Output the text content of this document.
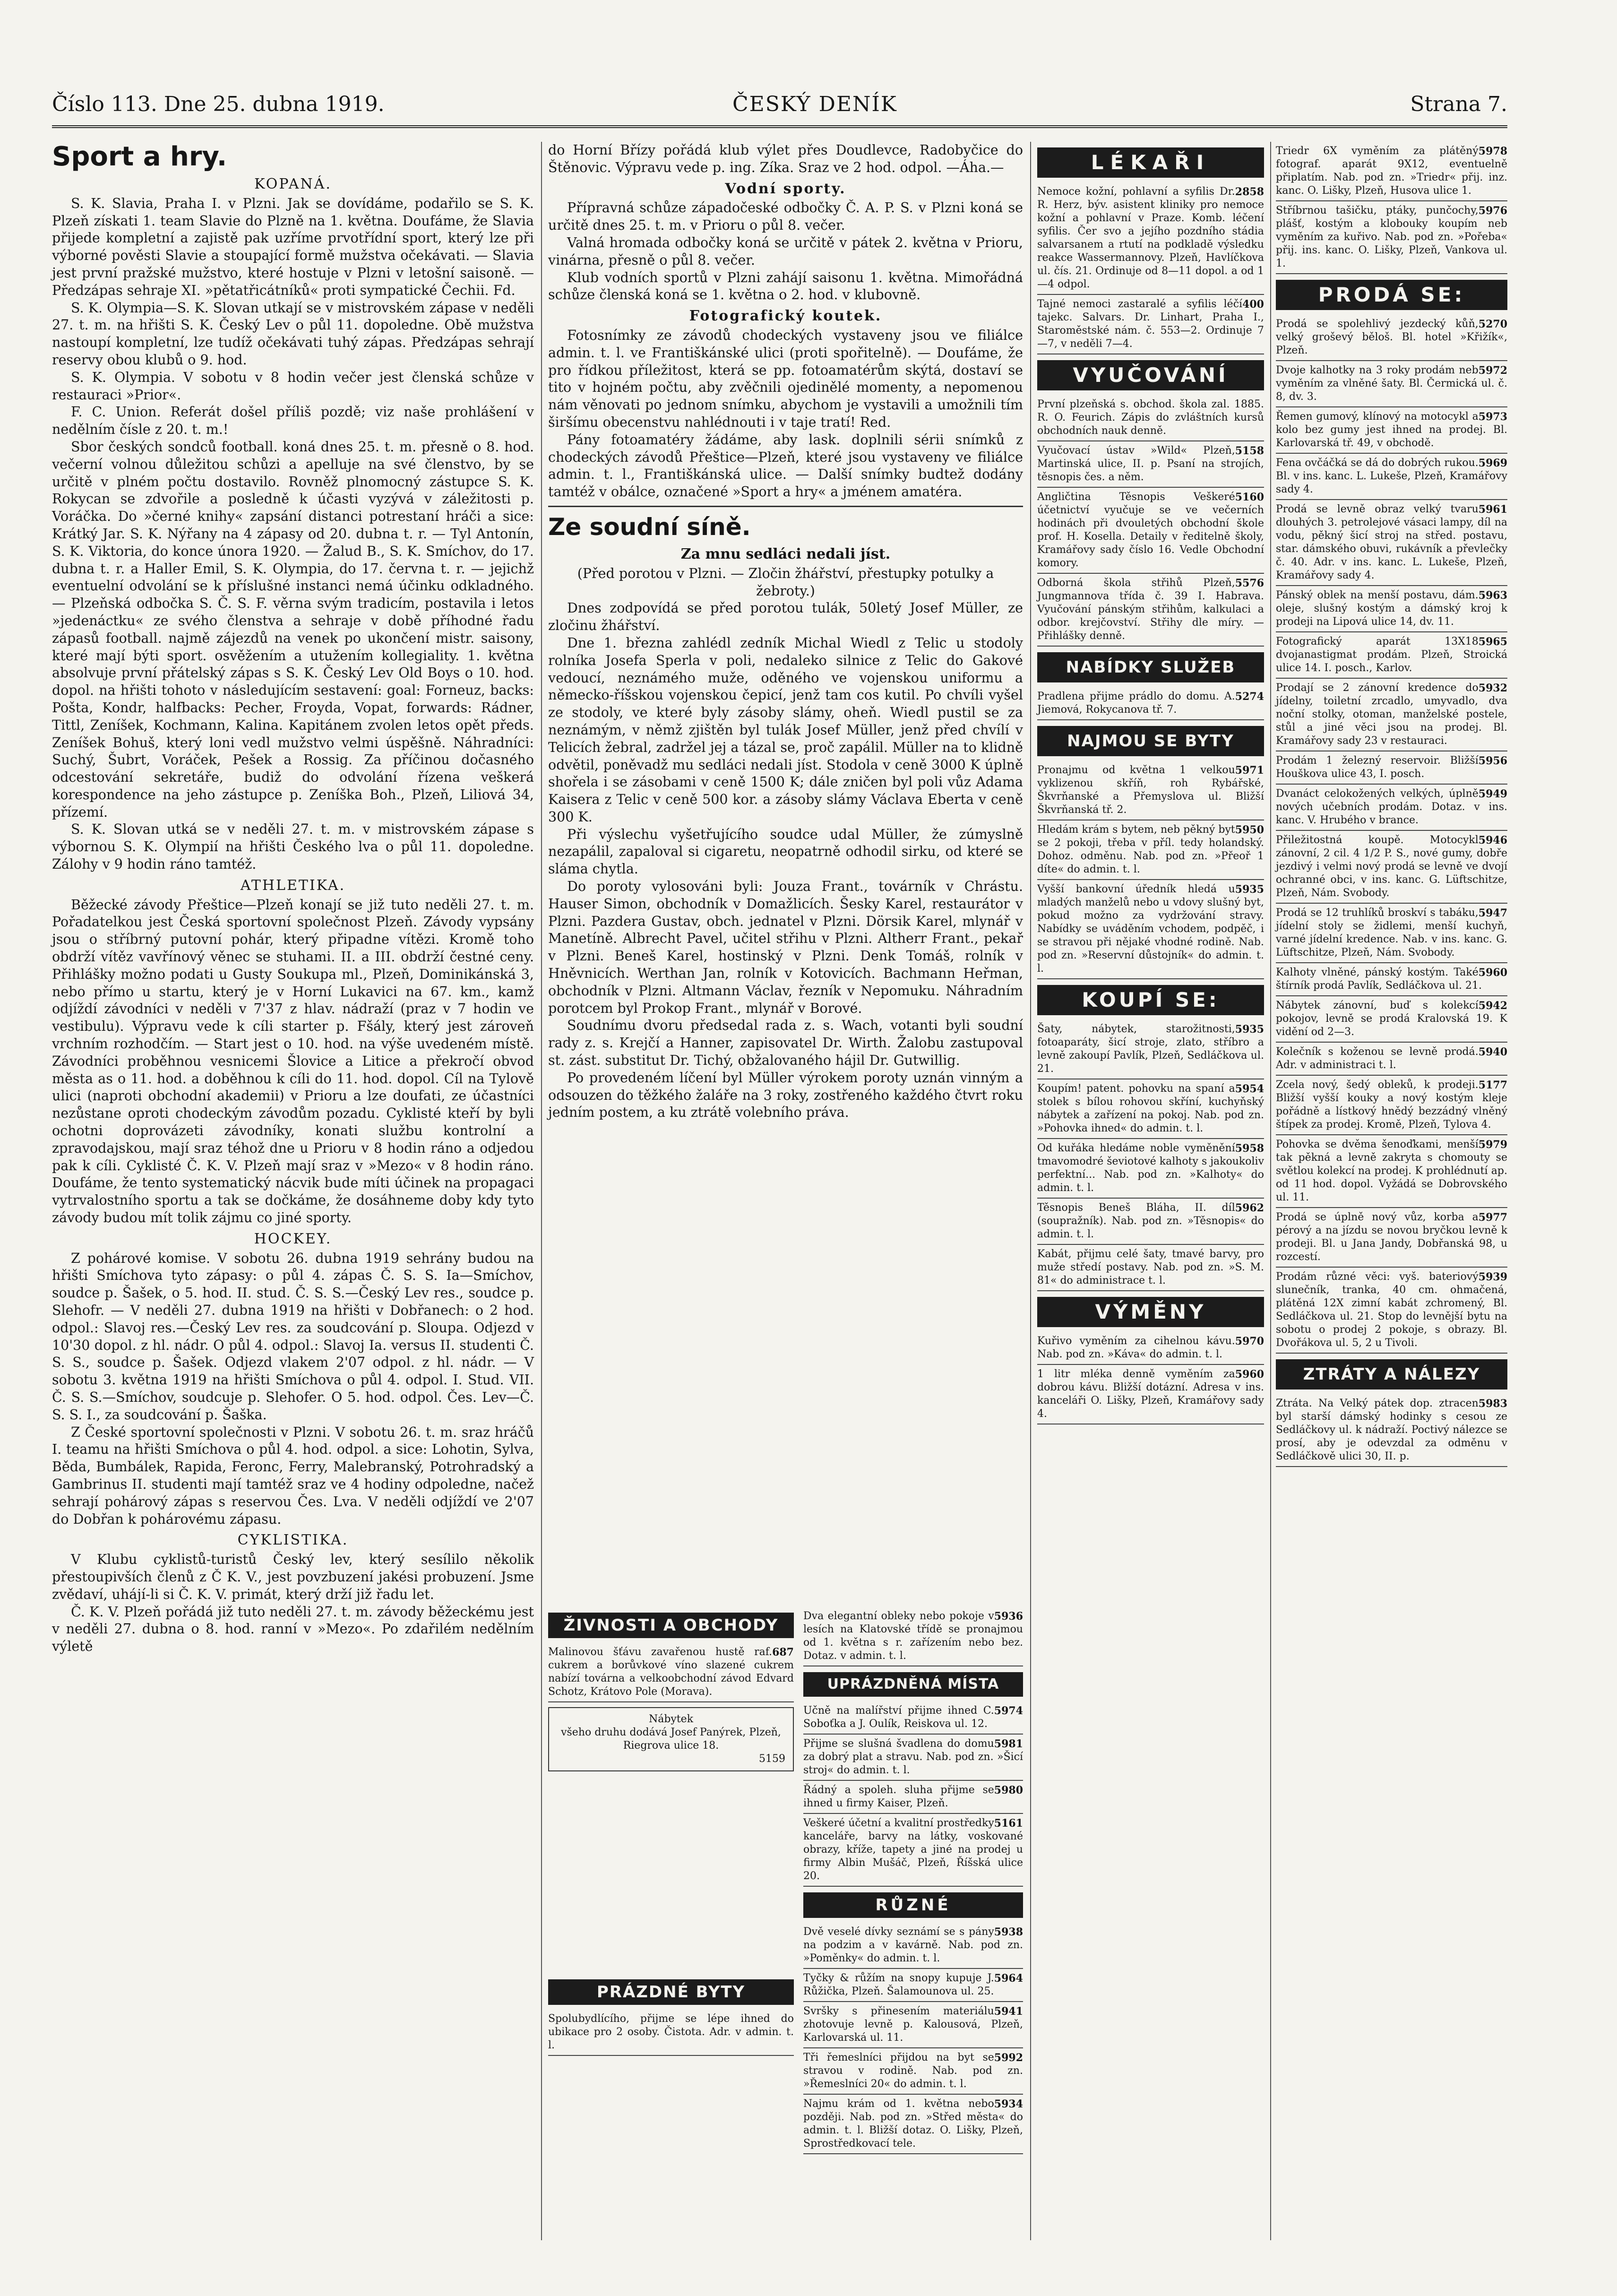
Číslo 113. Dne 25. dubna 1919.	ČESKÝ DENÍK	Strana 7.
Sport a hry.
KOPANÁ.

S. K. Slavia, Praha I. v Plzni. Jak se dovídáme, podařilo se S. K. Plzeň získati 1. team Slavie do Plzně na 1. května. Doufáme, že Slavia přijede kompletní a zajistě pak uzříme prvotřídní sport, který lze při výborné pověsti Slavie a stoupající formě mužstva očekávati. — Slavia jest první pražské mužstvo, které hostuje v Plzni v letošní saisoně. — Předzápas sehraje XI. »pětatřicátníků« proti sympatické Čechii. Fd.

S. K. Olympia—S. K. Slovan utkají se v mistrovském zápase v neděli 27. t. m. na hřišti S. K. Český Lev o půl 11. dopoledne. Obě mužstva nastoupí kompletní, lze tudíž očekávati tuhý zápas. Předzápas sehrají reservy obou klubů o 9. hod.

S. K. Olympia. V sobotu v 8 hodin večer jest členská schůze v restauraci »Prior«.

F. C. Union. Referát došel příliš pozdě; viz naše prohlášení v nedělním čísle z 20. t. m.!

Sbor českých sondců football. koná dnes 25. t. m. přesně o 8. hod. večerní volnou důležitou schůzi a apelluje na své členstvo, by se určitě v plném počtu dostavilo. Rovněž plnomocný zástupce S. K. Rokycan se zdvořile a posledně k účasti vyzývá v záležitosti p. Voráčka. Do »černé knihy« zapsání distanci potrestaní hráči a sice: Krátký Jar. S. K. Nýřany na 4 zápasy od 20. dubna t. r. — Tyl Antonín, S. K. Viktoria, do konce února 1920. — Žalud B., S. K. Smíchov, do 17. dubna t. r. a Haller Emil, S. K. Olympia, do 17. června t. r. — jejichž eventuelní odvolání se k příslušné instanci nemá účinku odkladného. — Plzeňská odbočka S. Č. S. F. věrna svým tradicím, postavila i letos »jedenáctku« ze svého členstva a sehraje v době příhodné řadu zápasů football. najmě zájezdů na venek po ukončení mistr. saisony, které mají býti sport. osvěžením a utužením kollegiality. 1. května absolvuje první přátelský zápas s S. K. Český Lev Old Boys o 10. hod. dopol. na hřišti tohoto v následujícím sestavení: goal: Forneuz, backs: Pošta, Kondr, halfbacks: Pecher, Froyda, Vopat, forwards: Rádner, Tittl, Zeníšek, Kochmann, Kalina. Kapitánem zvolen letos opět předs. Zeníšek Bohuš, který loni vedl mužstvo velmi úspěšně. Náhradníci: Suchý, Šubrt, Voráček, Pešek a Rossig. Za příčinou dočasného odcestování sekretáře, budiž do odvolání řízena veškerá korespondence na jeho zástupce p. Zeníška Boh., Plzeň, Liliová 34, přízemí.

S. K. Slovan utká se v neděli 27. t. m. v mistrovském zápase s výbornou S. K. Olympií na hřišti Českého lva o půl 11. dopoledne. Zálohy v 9 hodin ráno tamtéž.

ATHLETIKA.

Běžecké závody Přeštice—Plzeň konají se již tuto neděli 27. t. m. Pořadatelkou jest Česká sportovní společnost Plzeň. Závody vypsány jsou o stříbrný putovní pohár, který připadne vítězi. Kromě toho obdrží vítěz vavřínový věnec se stuhami. II. a III. obdrží čestné ceny. Přihlášky možno podati u Gusty Soukupa ml., Plzeň, Dominikánská 3, nebo přímo u startu, který je v Horní Lukavici na 67. km., kamž odjíždí závodníci v neděli v 7'37 z hlav. nádraží (praz v 7 hodin ve vestibulu). Výpravu vede k cíli starter p. Fšály, který jest zároveň vrchním rozhodčím. — Start jest o 10. hod. na výše uvedeném místě. Závodníci proběhnou vesnicemi Šlovice a Litice a překročí obvod města as o 11. hod. a doběhnou k cíli do 11. hod. dopol. Cíl na Tylově ulici (naproti obchodní akademii) v Prioru a lze doufati, ze účastníci nezůstane oproti chodeckým závodům pozadu. Cyklisté kteří by byli ochotni doprovázeti závodníky, konati službu kontrolní a zpravodajskou, mají sraz téhož dne u Prioru v 8 hodin ráno a odjedou pak k cíli. Cyklisté Č. K. V. Plzeň mají sraz v »Mezo« v 8 hodin ráno. Doufáme, že tento systematický nácvik bude míti účinek na propagaci vytrvalostního sportu a tak se dočkáme, že dosáhneme doby kdy tyto závody budou mít tolik zájmu co jiné sporty.

HOCKEY.

Z pohárové komise. V sobotu 26. dubna 1919 sehrány budou na hřišti Smíchova tyto zápasy: o půl 4. zápas Č. S. S. Ia—Smíchov, soudce p. Šašek, o 5. hod. II. stud. Č. S. S.—Český Lev res., soudce p. Slehofr. — V neděli 27. dubna 1919 na hřišti v Dobřanech: o 2 hod. odpol.: Slavoj res.—Český Lev res. za soudcování p. Sloupa. Odjezd v 10'30 dopol. z hl. nádr. O půl 4. odpol.: Slavoj Ia. versus II. studenti Č. S. S., soudce p. Šašek. Odjezd vlakem 2'07 odpol. z hl. nádr. — V sobotu 3. května 1919 na hřišti Smíchova o půl 4. odpol. I. Stud. VII. Č. S. S.—Smíchov, soudcuje p. Slehofer. O 5. hod. odpol. Čes. Lev—Č. S. S. I., za soudcování p. Šaška.

Z České sportovní společnosti v Plzni. V sobotu 26. t. m. sraz hráčů I. teamu na hřišti Smíchova o půl 4. hod. odpol. a sice: Lohotin, Sylva, Běda, Bumbálek, Rapida, Feronc, Ferry, Malebranský, Potrohradský a Gambrinus II. studenti mají tamtéž sraz ve 4 hodiny odpoledne, načež sehrají pohárový zápas s reservou Čes. Lva. V neděli odjíždí ve 2'07 do Dobřan k pohárovému zápasu.

CYKLISTIKA.

V Klubu cyklistů-turistů Český lev, který sesílilo několik přestoupivších členů z Č K. V., jest povzbuzení jakési probuzení. Jsme zvědaví, uhájí-li si Č. K. V. primát, který drží již řadu let.

Č. K. V. Plzeň pořádá již tuto neděli 27. t. m. závody běžeckému jest v neděli 27. dubna o 8. hod. ranní v »Mezo«. Po zdařilém nedělním výletě

do Horní Břízy pořádá klub výlet přes Doudlevce, Radobyčice do Štěnovic. Výpravu vede p. ing. Zíka. Sraz ve 2 hod. odpol. —Áha.—

Vodní sporty.

Přípravná schůze západočeské odbočky Č. A. P. S. v Plzni koná se určitě dnes 25. t. m. v Prioru o půl 8. večer.

Valná hromada odbočky koná se určitě v pátek 2. května v Prioru, vinárna, přesně o půl 8. večer.

Klub vodních sportů v Plzni zahájí saisonu 1. května. Mimořádná schůze členská koná se 1. května o 2. hod. v klubovně.

Fotografický koutek.

Fotosnímky ze závodů chodeckých vystaveny jsou ve filiálce admin. t. l. ve Františkánské ulici (proti spořitelně). — Doufáme, že pro řídkou příležitost, která se pp. fotoamatérům skýtá, dostaví se tito v hojném počtu, aby zvěčnili ojedinělé momenty, a nepomenou nám věnovati po jednom snímku, abychom je vystavili a umožnili tím širšímu obecenstvu nahlédnouti i v taje tratí! Red.

Pány fotoamatéry žádáme, aby lask. doplnili sérii snímků z chodeckých závodů Přeštice—Plzeň, které jsou vystaveny ve filiálce admin. t. l., Františkánská ulice. — Další snímky budtež dodány tamtéž v obálce, označené »Sport a hry« a jménem amatéra.

Ze soudní síně.
Za mnu sedláci nedali jíst.
(Před porotou v Plzni. — Zločin žhářství, přestupky potulky a žebroty.)

Dnes zodpovídá se před porotou tulák, 50letý Josef Müller, ze zločinu žhářství.

Dne 1. března zahlédl zedník Michal Wiedl z Telic u stodoly rolníka Josefa Sperla v poli, nedaleko silnice z Telic do Gakové vedoucí, neznámého muže, oděného ve vojenskou uniformu a německo-říšskou vojenskou čepicí, jenž tam cos kutil. Po chvíli vyšel ze stodoly, ve které byly zásoby slámy, oheň. Wiedl pustil se za neznámým, v němž zjištěn byl tulák Josef Müller, jenž před chvílí v Telicích žebral, zadržel jej a tázal se, proč zapálil. Müller na to klidně odvětil, poněvadž mu sedláci nedali jíst. Stodola v ceně 3000 K úplně shořela i se zásobami v ceně 1500 K; dále zničen byl poli vůz Adama Kaisera z Telic v ceně 500 kor. a zásoby slámy Václava Eberta v ceně 300 K.

Při výslechu vyšetřujícího soudce udal Müller, že zúmyslně nezapálil, zapaloval si cigaretu, neopatrně odhodil sirku, od které se sláma chytla.

Do poroty vylosováni byli: Jouza Frant., továrník v Chrástu. Hauser Simon, obchodník v Domažlicích. Šesky Karel, restaurátor v Plzni. Pazdera Gustav, obch. jednatel v Plzni. Dörsik Karel, mlynář v Manetíně. Albrecht Pavel, učitel střihu v Plzni. Altherr Frant., pekař v Plzni. Beneš Karel, hostinský v Plzni. Denk Tomáš, rolník v Hněvnicích. Werthan Jan, rolník v Kotovicích. Bachmann Heřman, obchodník v Plzni. Altmann Václav, řezník v Nepomuku. Náhradním porotcem byl Prokop Frant., mlynář v Borové.

Soudnímu dvoru předsedal rada z. s. Wach, votanti byli soudní rady z. s. Krejčí a Hanner, zapisovatel Dr. Wirth. Žalobu zastupoval st. zást. substitut Dr. Tichý, obžalovaného hájil Dr. Gutwillig.

Po provedeném líčení byl Müller výrokem poroty uznán vinným a odsouzen do těžkého žaláře na 3 roky, zostřeného každého čtvrt roku jedním postem, a ku ztrátě volebního práva.

ŽIVNOSTI A OBCHODY
687
Malinovou šťávu zavařenou hustě raf. cukrem a borůvkové víno slazené cukrem nabízí továrna a velkoobchodní závod Edvard Schotz, Krátovo Pole (Morava).
Nábytek
všeho druhu dodává Josef Panýrek, Plzeň, Riegrova ulice 18.
5159
PRÁZDNÉ BYTY
Spolubydlícího, přijme se lépe ihned do ubikace pro 2 osoby. Čistota. Adr. v admin. t. l.
5936
Dva elegantní obleky nebo pokoje v lesích na Klatovské třídě se pronajmou od 1. května s r. zařízením nebo bez. Dotaz. v admin. t. l.
UPRÁZDNĚNÁ MÍSTA
5974
Učně na malířství přijme ihned C. Soboťka a J. Oulík, Reiskova ul. 12.
5981
Přijme se slušná švadlena do domu za dobrý plat a stravu. Nab. pod zn. »Šicí stroj« do admin. t. l.
5980
Řádný a spoleh. sluha přijme se ihned u firmy Kaiser, Plzeň.
5161
Veškeré účetní a kvalitní prostředky kanceláře, barvy na látky, voskované obrazy, kříže, tapety a jiné na prodej u firmy Albin Mušáč, Plzeň, Říšská ulice 20.
RŮZNÉ
5938
Dvě veselé dívky seznámí se s pány na podzim a v kavárně. Nab. pod zn. »Poměnky« do admin. t. l.
5964
Tyčky & růžím na snopy kupuje J. Růžička, Plzeň. Šalamounova ul. 25.
5941
Svršky s přinesením materiálu zhotovuje levně p. Kalousová, Plzeň, Karlovarská ul. 11.
5992
Tři řemeslníci přijdou na byt se stravou v rodině. Nab. pod zn. »Řemeslníci 20« do admin. t. l.
5934
Najmu krám od 1. května nebo později. Nab. pod zn. »Střed města« do admin. t. l. Bližší dotaz. O. Lišky, Plzeň, Sprostředkovací tele.
LÉKAŘI
2858
Nemoce kožní, pohlavní a syfilis Dr. R. Herz, býv. asistent kliniky pro nemoce kožní a pohlavní v Praze. Komb. léčení syfilis. Čer svo a jejího pozdního stádia salvarsanem a rtutí na podkladě výsledku reakce Wassermannovy. Plzeň, Havlíčkova ul. čís. 21. Ordinuje od 8—11 dopol. a od 1—4 odpol.
400
Tajné nemoci zastaralé a syfilis léčí tajekc. Salvars. Dr. Linhart, Praha I., Staroměstské nám. č. 553—2. Ordinuje 7—7, v neděli 7—4.
VYUČOVÁNÍ
První plzeňská s. obchod. škola zal. 1885. R. O. Feurich. Zápis do zvláštních kursů obchodních nauk denně.
5158
Vyučovací ústav »Wild« Plzeň, Martinská ulice, II. p. Psaní na strojích, těsnopis čes. a něm.
5160
Angličtina Těsnopis Veškeré účetnictví vyučuje se ve večerních hodinách při dvouletých obchodní škole prof. H. Kosella. Detaily v ředitelně školy, Kramářovy sady číslo 16. Vedle Obchodní komory.
5576
Odborná škola střihů Plzeň, Jungmannova třída č. 39 I. Habrava. Vyučování pánským střihům, kalkulaci a odbor. krejčovství. Střihy dle míry. — Přihlášky denně.
NABÍDKY SLUŽEB
5274
Pradlena přijme prádlo do domu. A. Jiemová, Rokycanova tř. 7.
NAJMOU SE BYTY
5971
Pronajmu od května 1 velkou vyklizenou skříň, roh Rybářské, Škvrňanské a Přemyslova ul. Bližší Škvrňanská tř. 2.
5950
Hledám krám s bytem, neb pěkný byt se 2 pokoji, třeba v příl. tedy holandský. Dohoz. odměnu. Nab. pod zn. »Přeoř 1 díte« do admin. t. l.
5935
Vyšší bankovní úředník hledá u mladých manželů nebo u vdovy slušný byt, pokud možno za vydržování stravy. Nabídky se uváděním vchodem, podpěč, i se stravou při nějaké vhodné rodině. Nab. pod zn. »Reservní důstojník« do admin. t. l.
KOUPÍ SE:
5935
Šaty, nábytek, starožitnosti, fotoaparáty, šicí stroje, zlato, stříbro a levně zakoupí Pavlík, Plzeň, Sedláčkova ul. 21.
5954
Koupím! patent. pohovku na spaní a stolek s bílou rohovou skříní, kuchyňský nábytek a zařízení na pokoj. Nab. pod zn. »Pohovka ihned« do admin. t. l.
5958
Od kuřáka hledáme noble vyměnění tmavomodré ševiotové kalhoty s jakoukoliv perfektní... Nab. pod zn. »Kalhoty« do admin. t. l.
5962
Těsnopis Beneš Bláha, II. díl (soupražník). Nab. pod zn. »Těsnopis« do admin. t. l.
Kabát, přijmu celé šaty, tmavé barvy, pro muže středí postavy. Nab. pod zn. »S. M. 81« do administrace t. l.
VÝMĚNY
5970
Kuřivo vyměním za cihelnou kávu. Nab. pod zn. »Káva« do admin. t. l.
5960
1 litr mléka denně vyměním za dobrou kávu. Bližší dotázní. Adresa v ins. kanceláři O. Lišky, Plzeň, Kramářovy sady 4.
5978
Triedr 6X vyměním za plátěný fotograf. aparát 9X12, eventuelně připlatím. Nab. pod zn. »Triedr« přij. inz. kanc. O. Lišky, Plzeň, Husova ulice 1.
5976
Stříbrnou tašičku, ptáky, punčochy, plášť, kostým a klobouky koupím neb vyměním za kuřivo. Nab. pod zn. »Pořeba« přij. ins. kanc. O. Lišky, Plzeň, Vankova ul. 1.
PRODÁ SE:
5270
Prodá se spolehlivý jezdecký kůň, velký groševý běloš. Bl. hotel »Křižík«, Plzeň.
5972
Dvoje kalhotky na 3 roky prodám neb vyměním za vlněné šaty. Bl. Čermická ul. č. 8, dv. 3.
5973
Řemen gumový, klínový na motocykl a kolo bez gumy jest ihned na prodej. Bl. Karlovarská tř. 49, v obchodě.
5969
Fena ovčáčká se dá do dobrých rukou. Bl. v ins. kanc. L. Lukeše, Plzeň, Kramářovy sady 4.
5961
Prodá se levně obraz velký tvaru dlouhých 3. petrolejové vásaci lampy, díl na vodu, pěkný šicí stroj na střed. postavu, star. dámského obuvi, rukávník a převlečky č. 40. Adr. v ins. kanc. L. Lukeše, Plzeň, Kramářovy sady 4.
5963
Pánský oblek na menší postavu, dám. oleje, slušný kostým a dámský kroj k prodeji na Lipová ulice 14, dv. 11.
5965
Fotografický aparát 13X18 dvojanastigmat prodám. Plzeň, Stroická ulice 14. I. posch., Karlov.
5932
Prodají se 2 zánovní kredence do jídelny, toiletní zrcadlo, umyvadlo, dva noční stolky, otoman, manželské postele, stůl a jiné věci jsou na prodej. Bl. Kramářovy sady 23 v restauraci.
5956
Prodám 1 železný reservoir. Bližší Houškova ulice 43, I. posch.
5949
Dvanáct celokožených velkých, úplně nových učebních prodám. Dotaz. v ins. kanc. V. Hrubého v brance.
5946
Přiležitostná koupě. Motocykl zánovní, 2 cil. 4 1/2 P. S., nové gumy, dobře jezdivý i velmi nový prodá se levně ve dvojí ochranné obci, v ins. kanc. G. Lüftschitze, Plzeň, Nám. Svobody.
5947
Prodá se 12 truhlíků broskví s tabáku, jídelní stoly se židlemi, menší kuchyň, varné jídelní kredence. Nab. v ins. kanc. G. Lüftschitze, Plzeň, Nám. Svobody.
5960
Kalhoty vlněné, pánský kostým. Také štírník prodá Pavlík, Sedláčkova ul. 21.
5942
Nábytek zánovní, buď s kolekcí pokojov, levně se prodá Kralovská 19. K vidění od 2—3.
5940
Kolečník s koženou se levně prodá. Adr. v administraci t. l.
5177
Zcela nový, šedý obleků, k prodeji. Bližší vyšší kouky a nový kostým kleje pořádně a lístkový hnědý bezzádný vlněný štípek za prodej. Kromě, Plzeň, Tylova 4.
5979
Pohovka se dvěma šenoďkami, menší tak pěkná a levně zakryta s chomouty se světlou kolekcí na prodej. K prohlédnutí ap. od 11 hod. dopol. Vyžádá se Dobrovského ul. 11.
5977
Prodá se úplně nový vůz, korba a pérový a na jízdu se novou bryčkou levně k prodeji. Bl. u Jana Jandy, Dobřanská 98, u rozcestí.
5939
Prodám různé věci: vyš. bateriový slunečník, tranka, 40 cm. ohmačená, plátěná 12X zimní kabát zchromený, Bl. Sedláčkova ul. 21. Stop do levnější bytu na sobotu o prodej 2 pokoje, s obrazy. Bl. Dvořákova ul. 5, 2 u Tivoli.
ZTRÁTY A NÁLEZY
5983
Ztráta. Na Velký pátek dop. ztracen byl starší dámský hodinky s cesou ze Sedláčkovy ul. k nádraží. Poctivý nálezce se prosí, aby je odevzdal za odměnu v Sedláčkově ulici 30, II. p.
